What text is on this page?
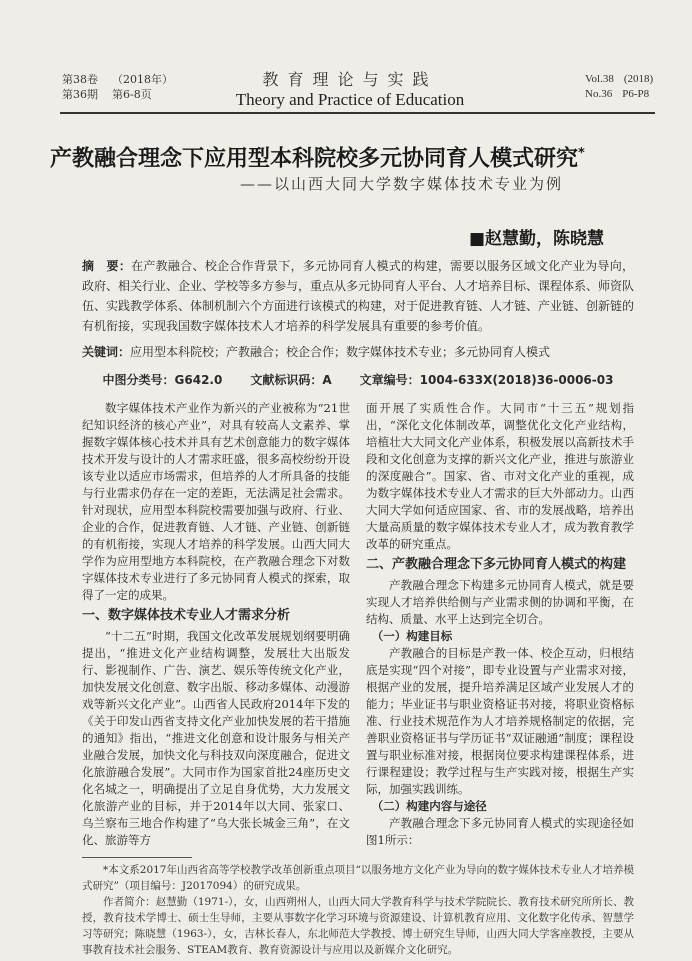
第38卷 （2018年）
第36期 第6-8页
教育理论与实践
Theory and Practice of Education
Vol.38 (2018)
No.36 P6-P8
产教融合理念下应用型本科院校多元协同育人模式研究*
——以山西大同大学数字媒体技术专业为例
■赵慧勤，陈晓慧
摘　要：在产教融合、校企合作背景下，多元协同育人模式的构建，需要以服务区域文化产业为导向，政府、相关行业、企业、学校等多方参与，重点从多元协同育人平台、人才培养目标、课程体系、师资队伍、实践教学体系、体制机制六个方面进行该模式的构建，对于促进教育链、人才链、产业链、创新链的有机衔接，实现我国数字媒体技术人才培养的科学发展具有重要的参考价值。
关键词：应用型本科院校；产教融合；校企合作；数字媒体技术专业；多元协同育人模式
中图分类号：G642.0 文献标识码：A 文章编号：1004-633X(2018)36-0006-03

数字媒体技术产业作为新兴的产业被称为“21世纪知识经济的核心产业”，对具有较高人文素养、掌握数字媒体核心技术并具有艺术创意能力的数字媒体技术开发与设计的人才需求旺盛，很多高校纷纷开设该专业以适应市场需求，但培养的人才所具备的技能与行业需求仍存在一定的差距，无法满足社会需求。针对现状，应用型本科院校需要加强与政府、行业、企业的合作，促进教育链、人才链、产业链、创新链的有机衔接，实现人才培养的科学发展。山西大同大学作为应用型地方本科院校，在产教融合理念下对数字媒体技术专业进行了多元协同育人模式的探索，取得了一定的成果。

一、数字媒体技术专业人才需求分析

“十二五”时期，我国文化改革发展规划纲要明确提出，“推进文化产业结构调整，发展壮大出版发行、影视制作、广告、演艺、娱乐等传统文化产业，加快发展文化创意、数字出版、移动多媒体、动漫游戏等新兴文化产业”。山西省人民政府2014年下发的《关于印发山西省支持文化产业加快发展的若干措施的通知》指出，“推进文化创意和设计服务与相关产业融合发展，加快文化与科技双向深度融合，促进文化旅游融合发展”。大同市作为国家首批24座历史文化名城之一，明确提出了立足自身优势，大力发展文化旅游产业的目标，并于2014年以大同、张家口、乌兰察布三地合作构建了“乌大张长城金三角”，在文化、旅游等方

面开展了实质性合作。大同市“十三五”规划指出，“深化文化体制改革，调整优化文化产业结构，培植壮大大同文化产业体系，积极发展以高新技术手段和文化创意为支撑的新兴文化产业，推进与旅游业的深度融合”。国家、省、市对文化产业的重视，成为数字媒体技术专业人才需求的巨大外部动力。山西大同大学如何适应国家、省、市的发展战略，培养出大量高质量的数字媒体技术专业人才，成为教育教学改革的研究重点。

二、产教融合理念下多元协同育人模式的构建

产教融合理念下构建多元协同育人模式，就是要实现人才培养供给侧与产业需求侧的协调和平衡，在结构、质量、水平上达到完全切合。

（一）构建目标

产教融合的目标是产教一体、校企互动，归根结底是实现“四个对接”，即专业设置与产业需求对接，根据产业的发展，提升培养满足区域产业发展人才的能力；毕业证书与职业资格证书对接，将职业资格标准、行业技术规范作为人才培养规格制定的依据，完善职业资格证书与学历证书“双证融通”制度；课程设置与职业标准对接，根据岗位要求构建课程体系，进行课程建设；教学过程与生产实践对接，根据生产实际，加强实践训练。

（二）构建内容与途径

产教融合理念下多元协同育人模式的实现途径如图1所示：

*本文系2017年山西省高等学校教学改革创新重点项目“以服务地方文化产业为导向的数字媒体技术专业人才培养模式研究”（项目编号：J2017094）的研究成果。

作者简介：赵慧勤（1971-），女，山西朔州人，山西大同大学教育科学与技术学院院长、教育技术研究所所长、教授，教育技术学博士、硕士生导师，主要从事数字化学习环境与资源建设、计算机教育应用、文化数字化传承、智慧学习等研究；陈晓慧（1963-），女，吉林长春人，东北师范大学教授、博士研究生导师，山西大同大学客座教授，主要从事教育技术社会服务、STEAM教育、教育资源设计与应用以及新媒介文化研究。
